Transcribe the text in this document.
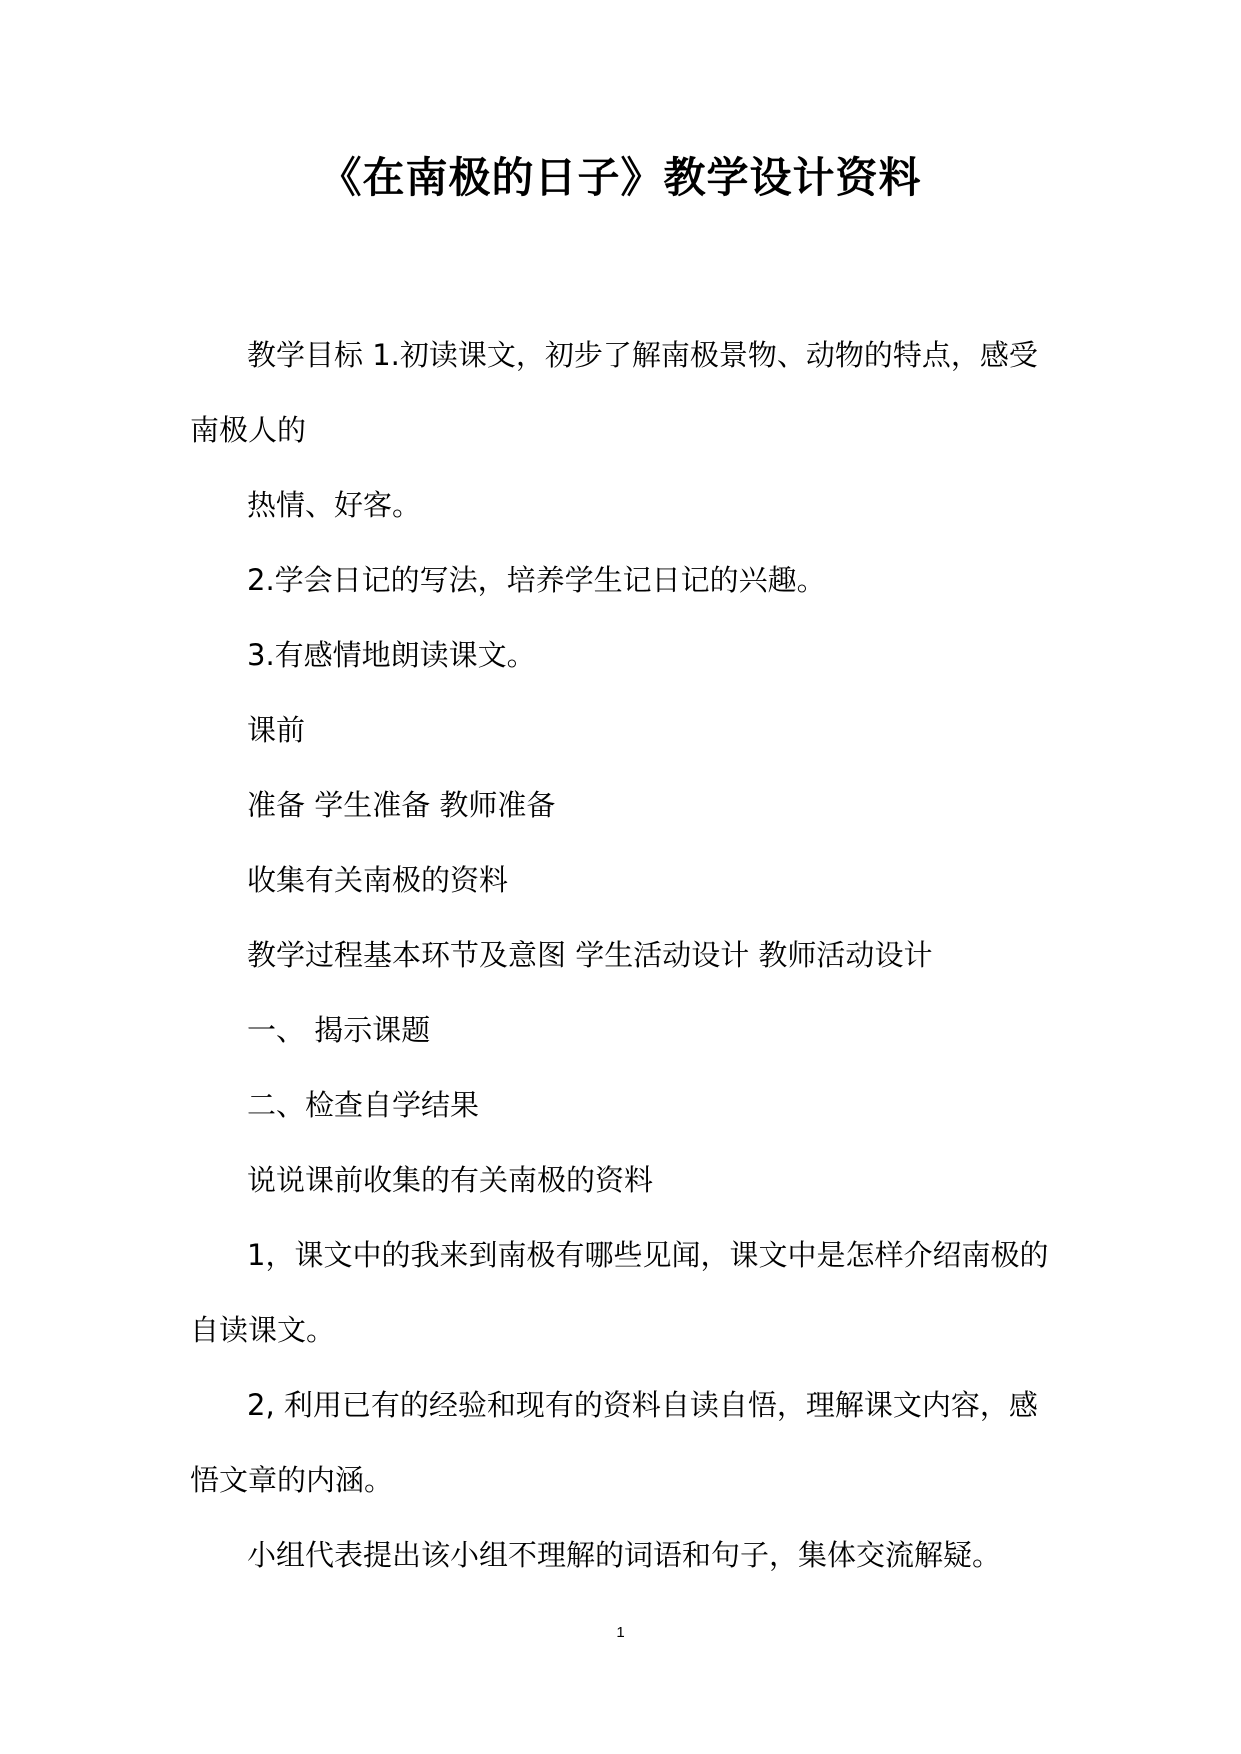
《在南极的日子》教学设计资料
教学目标 1.初读课文，初步了解南极景物、动物的特点，感受
南极人的
热情、好客。
2.学会日记的写法，培养学生记日记的兴趣。
3.有感情地朗读课文。
课前
准备 学生准备 教师准备
收集有关南极的资料
教学过程基本环节及意图 学生活动设计 教师活动设计
一、 揭示课题
二、检查自学结果
说说课前收集的有关南极的资料
1，课文中的我来到南极有哪些见闻，课文中是怎样介绍南极的
自读课文。
2, 利用已有的经验和现有的资料自读自悟，理解课文内容，感
悟文章的内涵。
小组代表提出该小组不理解的词语和句子，集体交流解疑。
1
